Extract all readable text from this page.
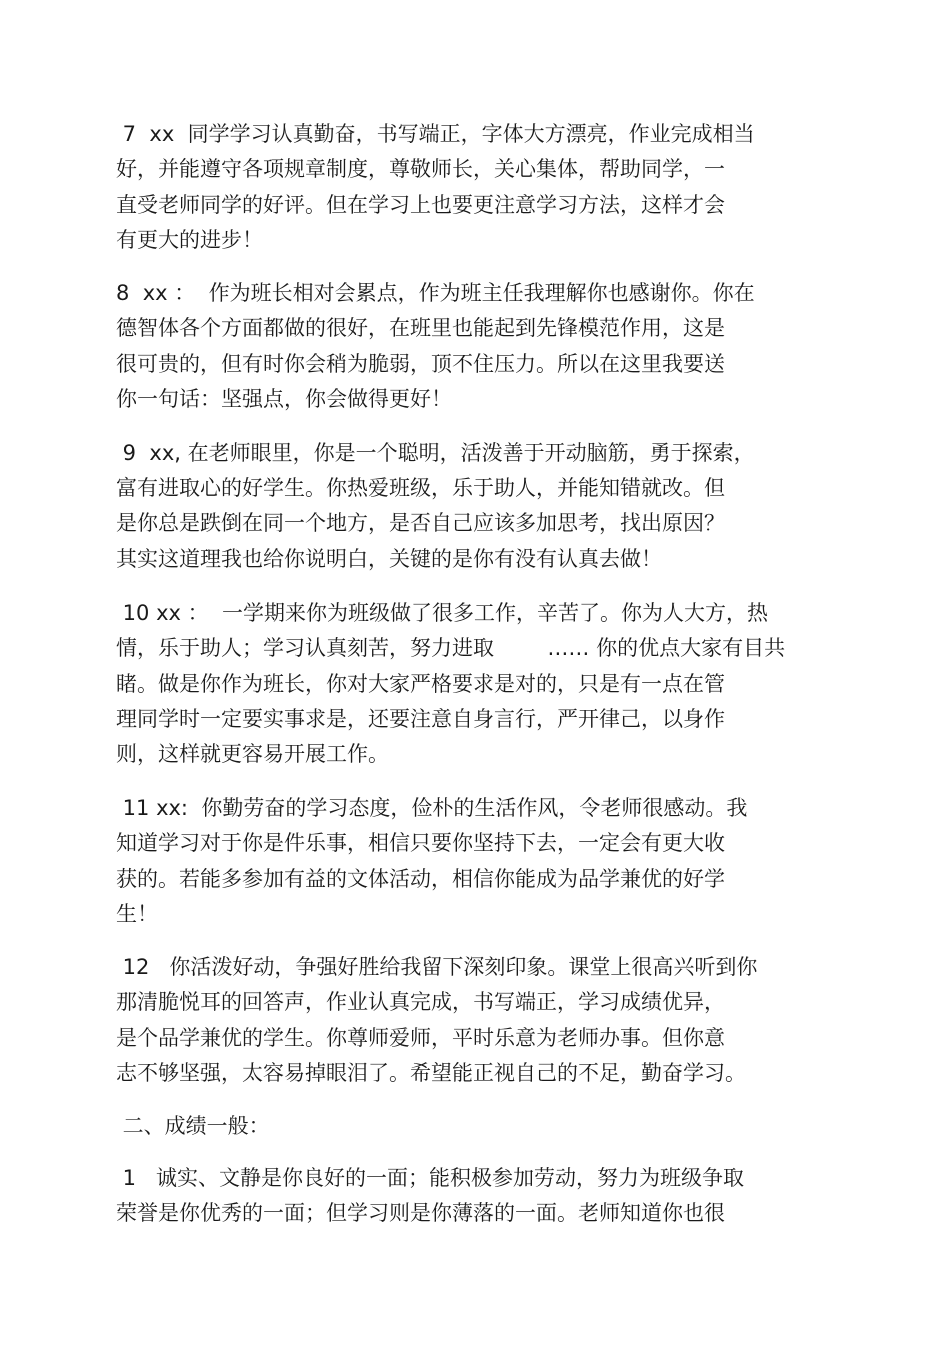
7  xx  同学学习认真勤奋，书写端正，字体大方漂亮，作业完成相当
好，并能遵守各项规章制度，尊敬师长，关心集体，帮助同学，一
直受老师同学的好评。但在学习上也要更注意学习方法，这样才会
有更大的进步！
8  xx ：  作为班长相对会累点，作为班主任我理解你也感谢你。你在
德智体各个方面都做的很好，在班里也能起到先锋模范作用，这是
很可贵的，但有时你会稍为脆弱，顶不住压力。所以在这里我要送
你一句话：坚强点，你会做得更好！
9  xx, 在老师眼里，你是一个聪明，活泼善于开动脑筋，勇于探索，
富有进取心的好学生。你热爱班级，乐于助人，并能知错就改。但
是你总是跌倒在同一个地方，是否自己应该多加思考，找出原因？
其实这道理我也给你说明白，关键的是你有没有认真去做！
10 xx ：  一学期来你为班级做了很多工作，辛苦了。你为人大方，热
情，乐于助人；学习认真刻苦，努力进取        …… 你的优点大家有目共
睹。做是你作为班长，你对大家严格要求是对的，只是有一点在管
理同学时一定要实事求是，还要注意自身言行，严开律己，以身作
则，这样就更容易开展工作。
11 xx:  你勤劳奋的学习态度，俭朴的生活作风，令老师很感动。我
知道学习对于你是件乐事，相信只要你坚持下去，一定会有更大收
获的。若能多参加有益的文体活动，相信你能成为品学兼优的好学
生！
12   你活泼好动，争强好胜给我留下深刻印象。课堂上很高兴听到你
那清脆悦耳的回答声，作业认真完成，书写端正，学习成绩优异，
是个品学兼优的学生。你尊师爱师，平时乐意为老师办事。但你意
志不够坚强，太容易掉眼泪了。希望能正视自己的不足，勤奋学习。
二、成绩一般：
1   诚实、文静是你良好的一面；能积极参加劳动，努力为班级争取
荣誉是你优秀的一面；但学习则是你薄落的一面。老师知道你也很
